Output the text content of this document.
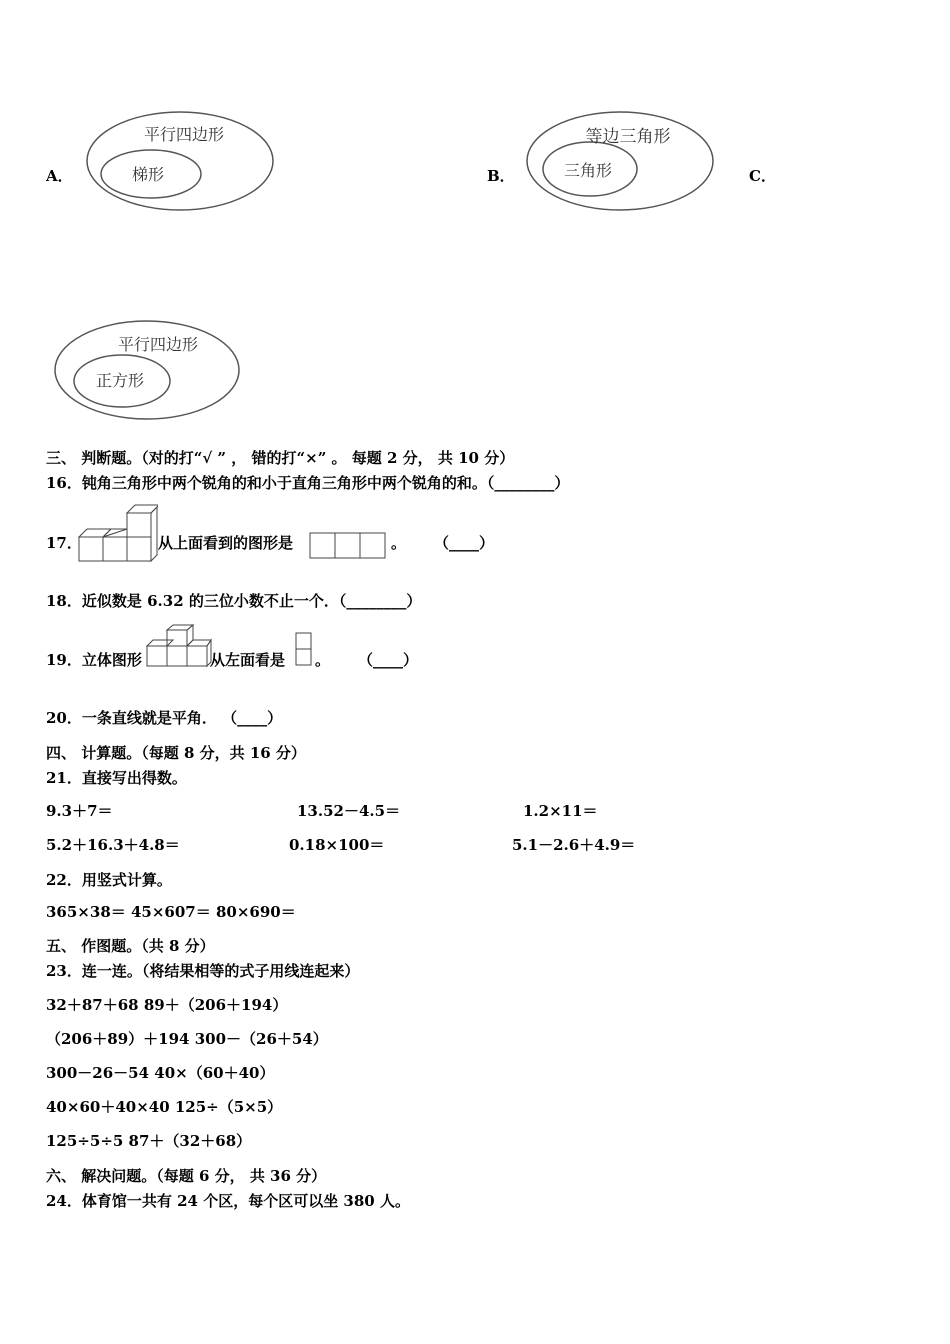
A．
平行四边形
梯形	B．
等边三角形
三角形	C．
平行四边形
正方形
三、 判断题。（对的打“√ ” ， 错的打“×” 。 每题 2 分， 共 10 分）
16．钝角三角形中两个锐角的和小于直角三角形中两个锐角的和。（________）
17．	从上面看到的图形是	。 （____）
18．近似数是 6.32 的三位小数不止一个．（________）
19．立体图形	从左面看是 。 （____）
20．一条直线就是平角． （____）
四、 计算题。（每题 8 分，共 16 分）
21．直接写出得数。
9.3＋7＝	13.52－4.5＝	1.2×11＝
5.2＋16.3＋4.8＝	0.18×100＝	5.1－2.6＋4.9＝
22．用竖式计算。
365×38＝ 45×607＝ 80×690＝
五、 作图题。（共 8 分）
23．连一连。（将结果相等的式子用线连起来）
32＋87＋68 89＋（206＋194）
（206＋89）＋194 300－（26＋54）
300－26－54 40×（60＋40）
40×60＋40×40 125÷（5×5）
125÷5÷5 87＋（32＋68）
六、 解决问题。（每题 6 分， 共 36 分）
24．体育馆一共有 24 个区，每个区可以坐 380 人。
